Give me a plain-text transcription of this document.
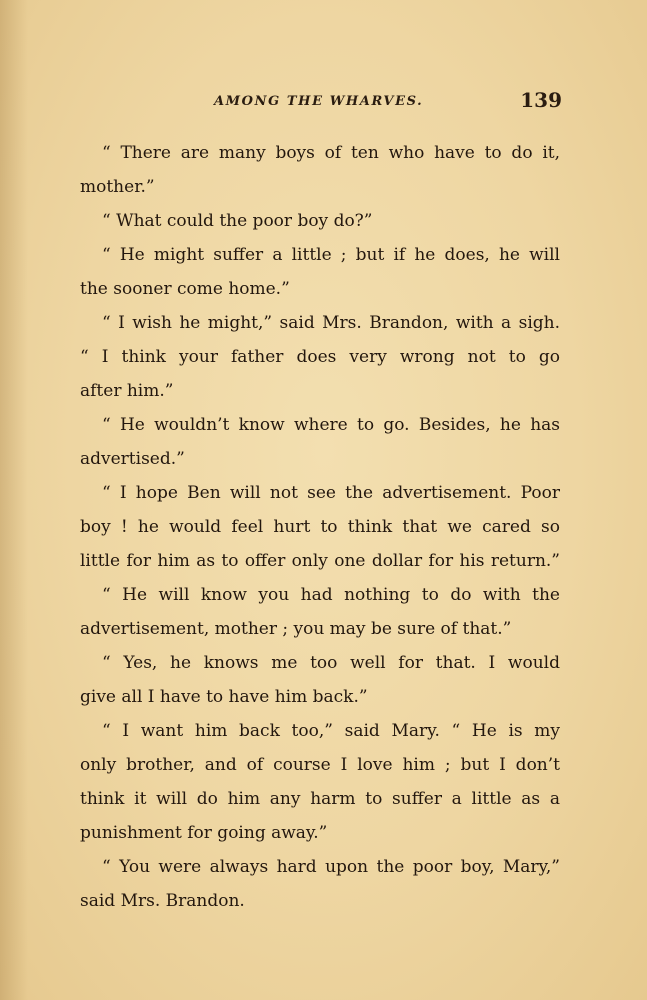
AMONG THE WHARVES.	139
“ There are many boys of ten who have to do it,
mother.”
“ What could the poor boy do?”
“ He might suffer a little ; but if he does, he will
the sooner come home.”
“ I wish he might,” said Mrs. Brandon, with a sigh.
“ I think your father does very wrong not to go
after him.”
“ He wouldn’t know where to go. Besides, he has
advertised.”
“ I hope Ben will not see the advertisement. Poor
boy ! he would feel hurt to think that we cared so
little for him as to offer only one dollar for his return.”
“ He will know you had nothing to do with the
advertisement, mother ; you may be sure of that.”
“ Yes, he knows me too well for that. I would
give all I have to have him back.”
“ I want him back too,” said Mary. “ He is my
only brother, and of course I love him ; but I don’t
think it will do him any harm to suffer a little as a
punishment for going away.”
“ You were always hard upon the poor boy, Mary,”
said Mrs. Brandon.
